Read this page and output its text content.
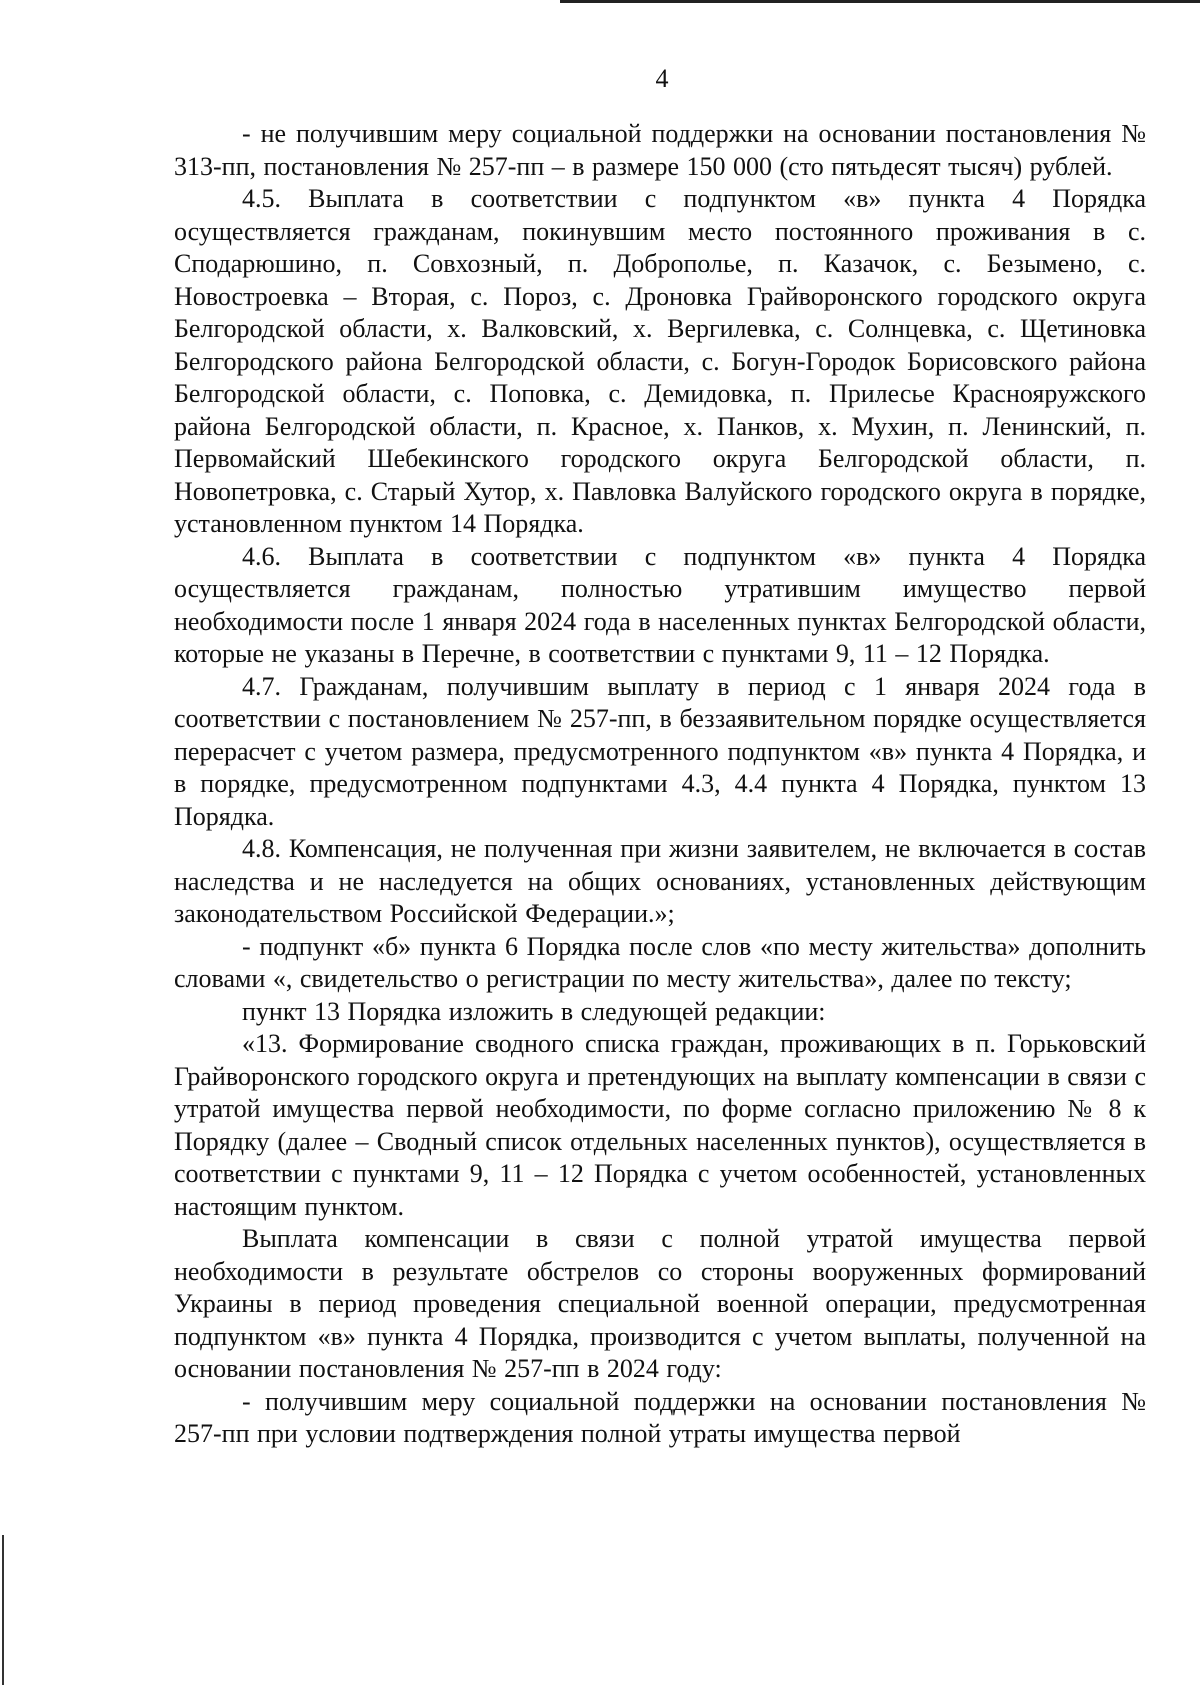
4

- не получившим меру социальной поддержки на основании постановления № 313-пп, постановления № 257-пп – в размере 150 000 (сто пятьдесят тысяч) рублей.

4.5. Выплата в соответствии с подпунктом «в» пункта 4 Порядка осуществляется гражданам, покинувшим место постоянного проживания в с. Сподарюшино, п. Совхозный, п. Доброполье, п. Казачок, с. Безымено, с. Новостроевка – Вторая, с. Пороз, с. Дроновка Грайворонского городского округа Белгородской области, х. Валковский, х. Вергилевка, с. Солнцевка, с. Щетиновка Белгородского района Белгородской области, с. Богун-Городок Борисовского района Белгородской области, с. Поповка, с. Демидовка, п. Прилесье Краснояружского района Белгородской области, п. Красное, х. Панков, х. Мухин, п. Ленинский, п. Первомайский Шебекинского городского округа Белгородской области, п. Новопетровка, с. Старый Хутор, х. Павловка Валуйского городского округа в порядке, установленном пунктом 14 Порядка.

4.6. Выплата в соответствии с подпунктом «в» пункта 4 Порядка осуществляется гражданам, полностью утратившим имущество первой необходимости после 1 января 2024 года в населенных пунктах Белгородской области, которые не указаны в Перечне, в соответствии с пунктами 9, 11 – 12 Порядка.

4.7. Гражданам, получившим выплату в период с 1 января 2024 года в соответствии с постановлением № 257-пп, в беззаявительном порядке осуществляется перерасчет с учетом размера, предусмотренного подпунктом «в» пункта 4 Порядка, и в порядке, предусмотренном подпунктами 4.3, 4.4 пункта 4 Порядка, пунктом 13 Порядка.

4.8. Компенсация, не полученная при жизни заявителем, не включается в состав наследства и не наследуется на общих основаниях, установленных действующим законодательством Российской Федерации.»;

- подпункт «б» пункта 6 Порядка после слов «по месту жительства» дополнить словами «, свидетельство о регистрации по месту жительства», далее по тексту;

пункт 13 Порядка изложить в следующей редакции:

«13. Формирование сводного списка граждан, проживающих в п. Горьковский Грайворонского городского округа и претендующих на выплату компенсации в связи с утратой имущества первой необходимости, по форме согласно приложению № 8 к Порядку (далее – Сводный список отдельных населенных пунктов), осуществляется в соответствии с пунктами 9, 11 – 12 Порядка с учетом особенностей, установленных настоящим пунктом.

Выплата компенсации в связи с полной утратой имущества первой необходимости в результате обстрелов со стороны вооруженных формирований Украины в период проведения специальной военной операции, предусмотренная подпунктом «в» пункта 4 Порядка, производится с учетом выплаты, полученной на основании постановления № 257-пп в 2024 году:

- получившим меру социальной поддержки на основании постановления № 257-пп при условии подтверждения полной утраты имущества первой
